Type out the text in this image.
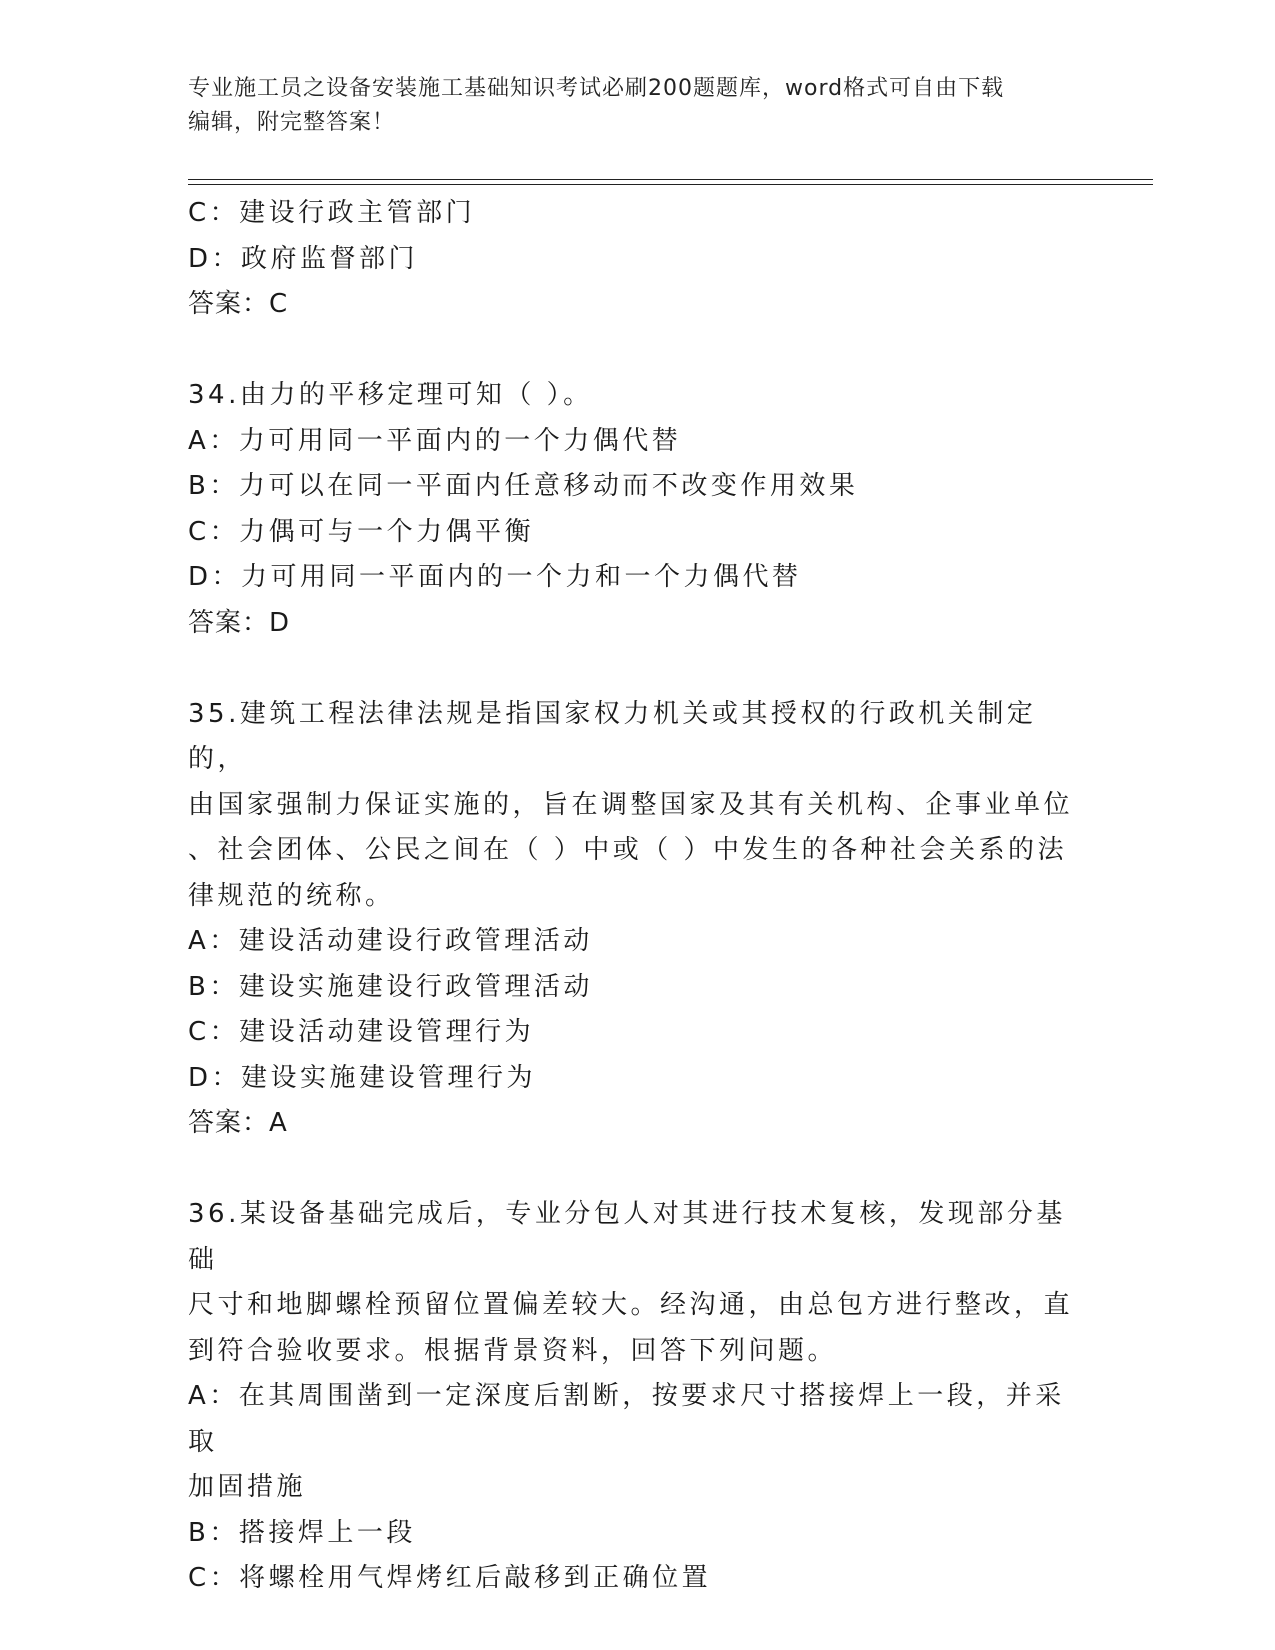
专业施工员之设备安装施工基础知识考试必刷200题题库，word格式可自由下载
编辑，附完整答案！
C：建设行政主管部门
D：政府监督部门
答案：C
34.由力的平移定理可知（ ）。
A：力可用同一平面内的一个力偶代替
B：力可以在同一平面内任意移动而不改变作用效果
C：力偶可与一个力偶平衡
D：力可用同一平面内的一个力和一个力偶代替
答案：D
35.建筑工程法律法规是指国家权力机关或其授权的行政机关制定的，
由国家强制力保证实施的，旨在调整国家及其有关机构、企事业单位
、社会团体、公民之间在（ ）中或（ ）中发生的各种社会关系的法
律规范的统称。
A：建设活动建设行政管理活动
B：建设实施建设行政管理活动
C：建设活动建设管理行为
D：建设实施建设管理行为
答案：A
36.某设备基础完成后，专业分包人对其进行技术复核，发现部分基础
尺寸和地脚螺栓预留位置偏差较大。经沟通，由总包方进行整改，直
到符合验收要求。根据背景资料，回答下列问题。
A：在其周围凿到一定深度后割断，按要求尺寸搭接焊上一段，并采取
加固措施
B：搭接焊上一段
C：将螺栓用气焊烤红后敲移到正确位置
